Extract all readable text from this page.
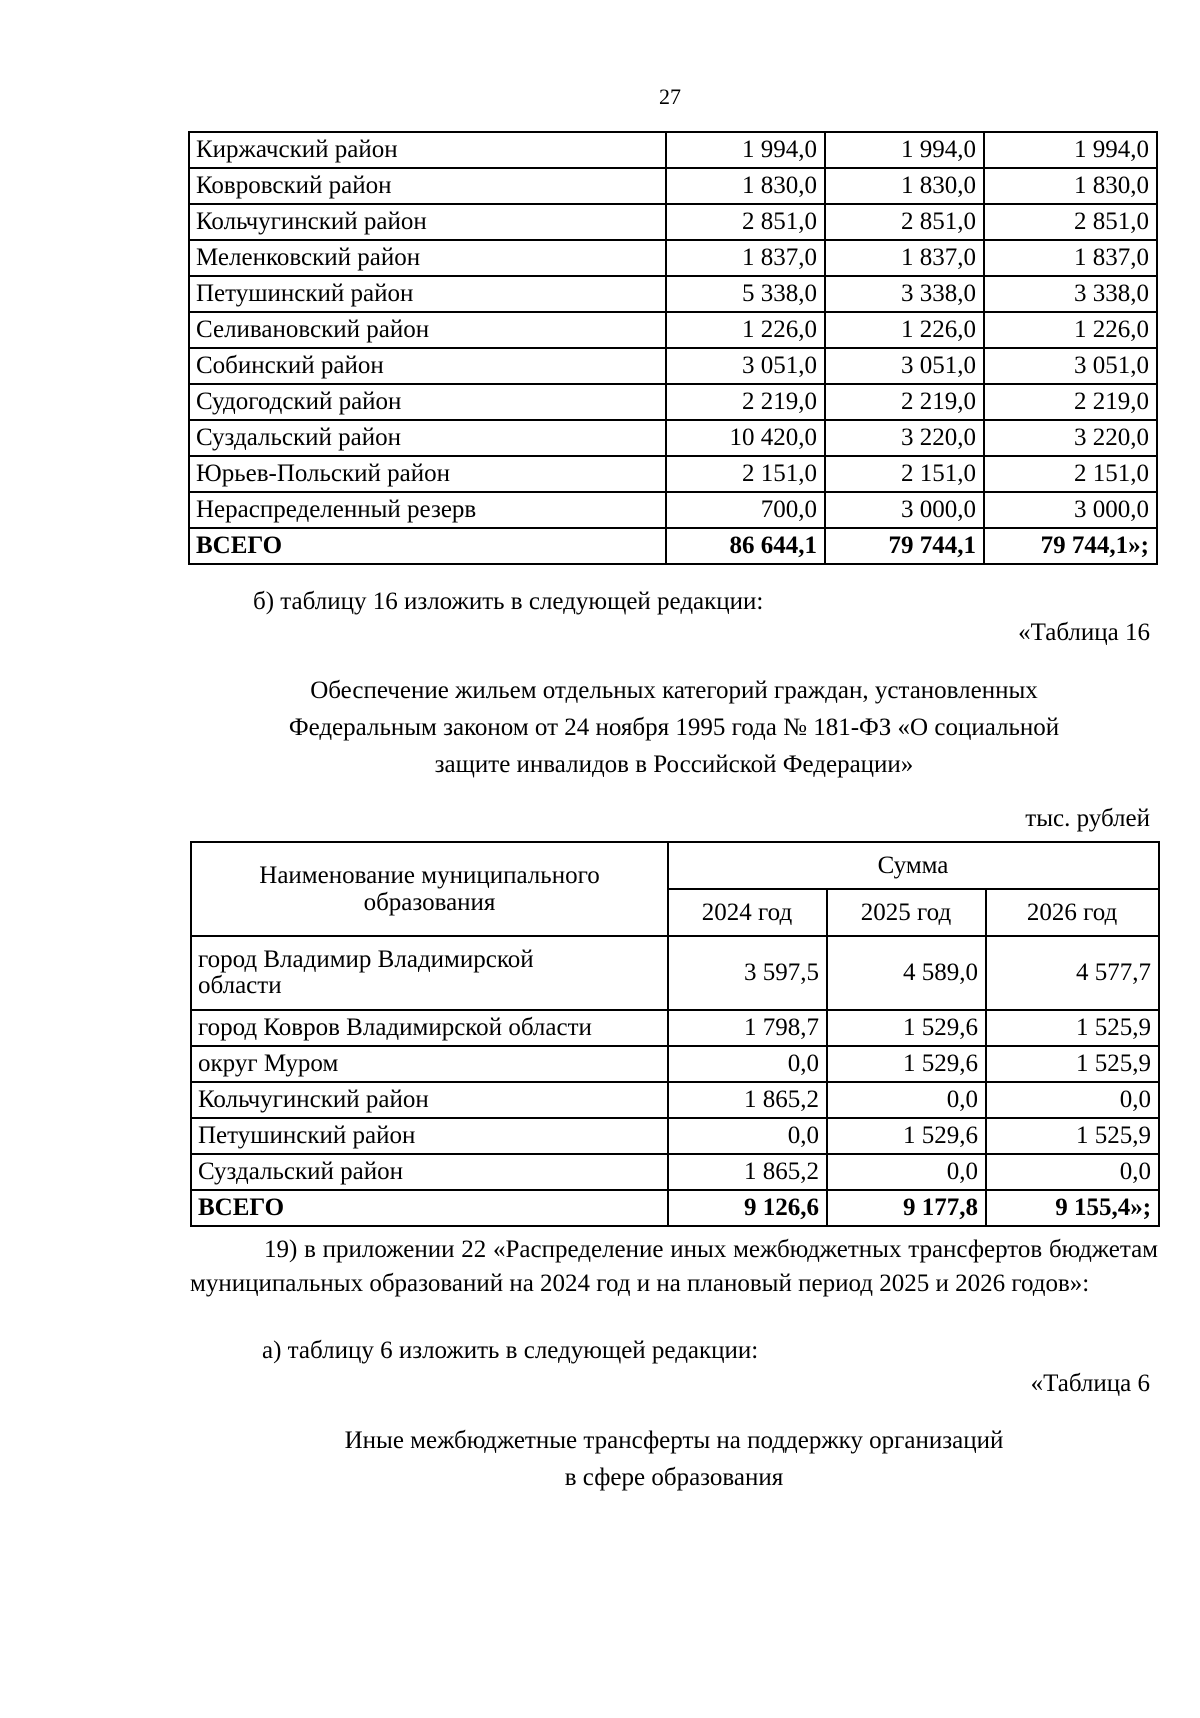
27
Киржачский район	1 994,0	1 994,0	1 994,0
Ковровский район	1 830,0	1 830,0	1 830,0
Кольчугинский район	2 851,0	2 851,0	2 851,0
Меленковский район	1 837,0	1 837,0	1 837,0
Петушинский район	5 338,0	3 338,0	3 338,0
Селивановский район	1 226,0	1 226,0	1 226,0
Собинский район	3 051,0	3 051,0	3 051,0
Судогодский район	2 219,0	2 219,0	2 219,0
Суздальский район	10 420,0	3 220,0	3 220,0
Юрьев-Польский район	2 151,0	2 151,0	2 151,0
Нераспределенный резерв	700,0	3 000,0	3 000,0
ВСЕГО	86 644,1	79 744,1	79 744,1»;
б) таблицу 16 изложить в следующей редакции:
«Таблица 16
Обеспечение жильем отдельных категорий граждан, установленных
Федеральным законом от 24 ноября 1995 года № 181-ФЗ «О социальной
защите инвалидов в Российской Федерации»
тыс. рублей
Наименование муниципального образования	Сумма		
	2024 год	2025 год	2026 год
город Владимир Владимирской области	3 597,5	4 589,0	4 577,7
город Ковров Владимирской области	1 798,7	1 529,6	1 525,9
округ Муром	0,0	1 529,6	1 525,9
Кольчугинский район	1 865,2	0,0	0,0
Петушинский район	0,0	1 529,6	1 525,9
Суздальский район	1 865,2	0,0	0,0
ВСЕГО	9 126,6	9 177,8	9 155,4»;
19) в приложении 22 «Распределение иных межбюджетных трансфертов бюджетам муниципальных образований на 2024 год и на плановый период 2025 и 2026 годов»:
а) таблицу 6 изложить в следующей редакции:
«Таблица 6
Иные межбюджетные трансферты на поддержку организаций
в сфере образования
